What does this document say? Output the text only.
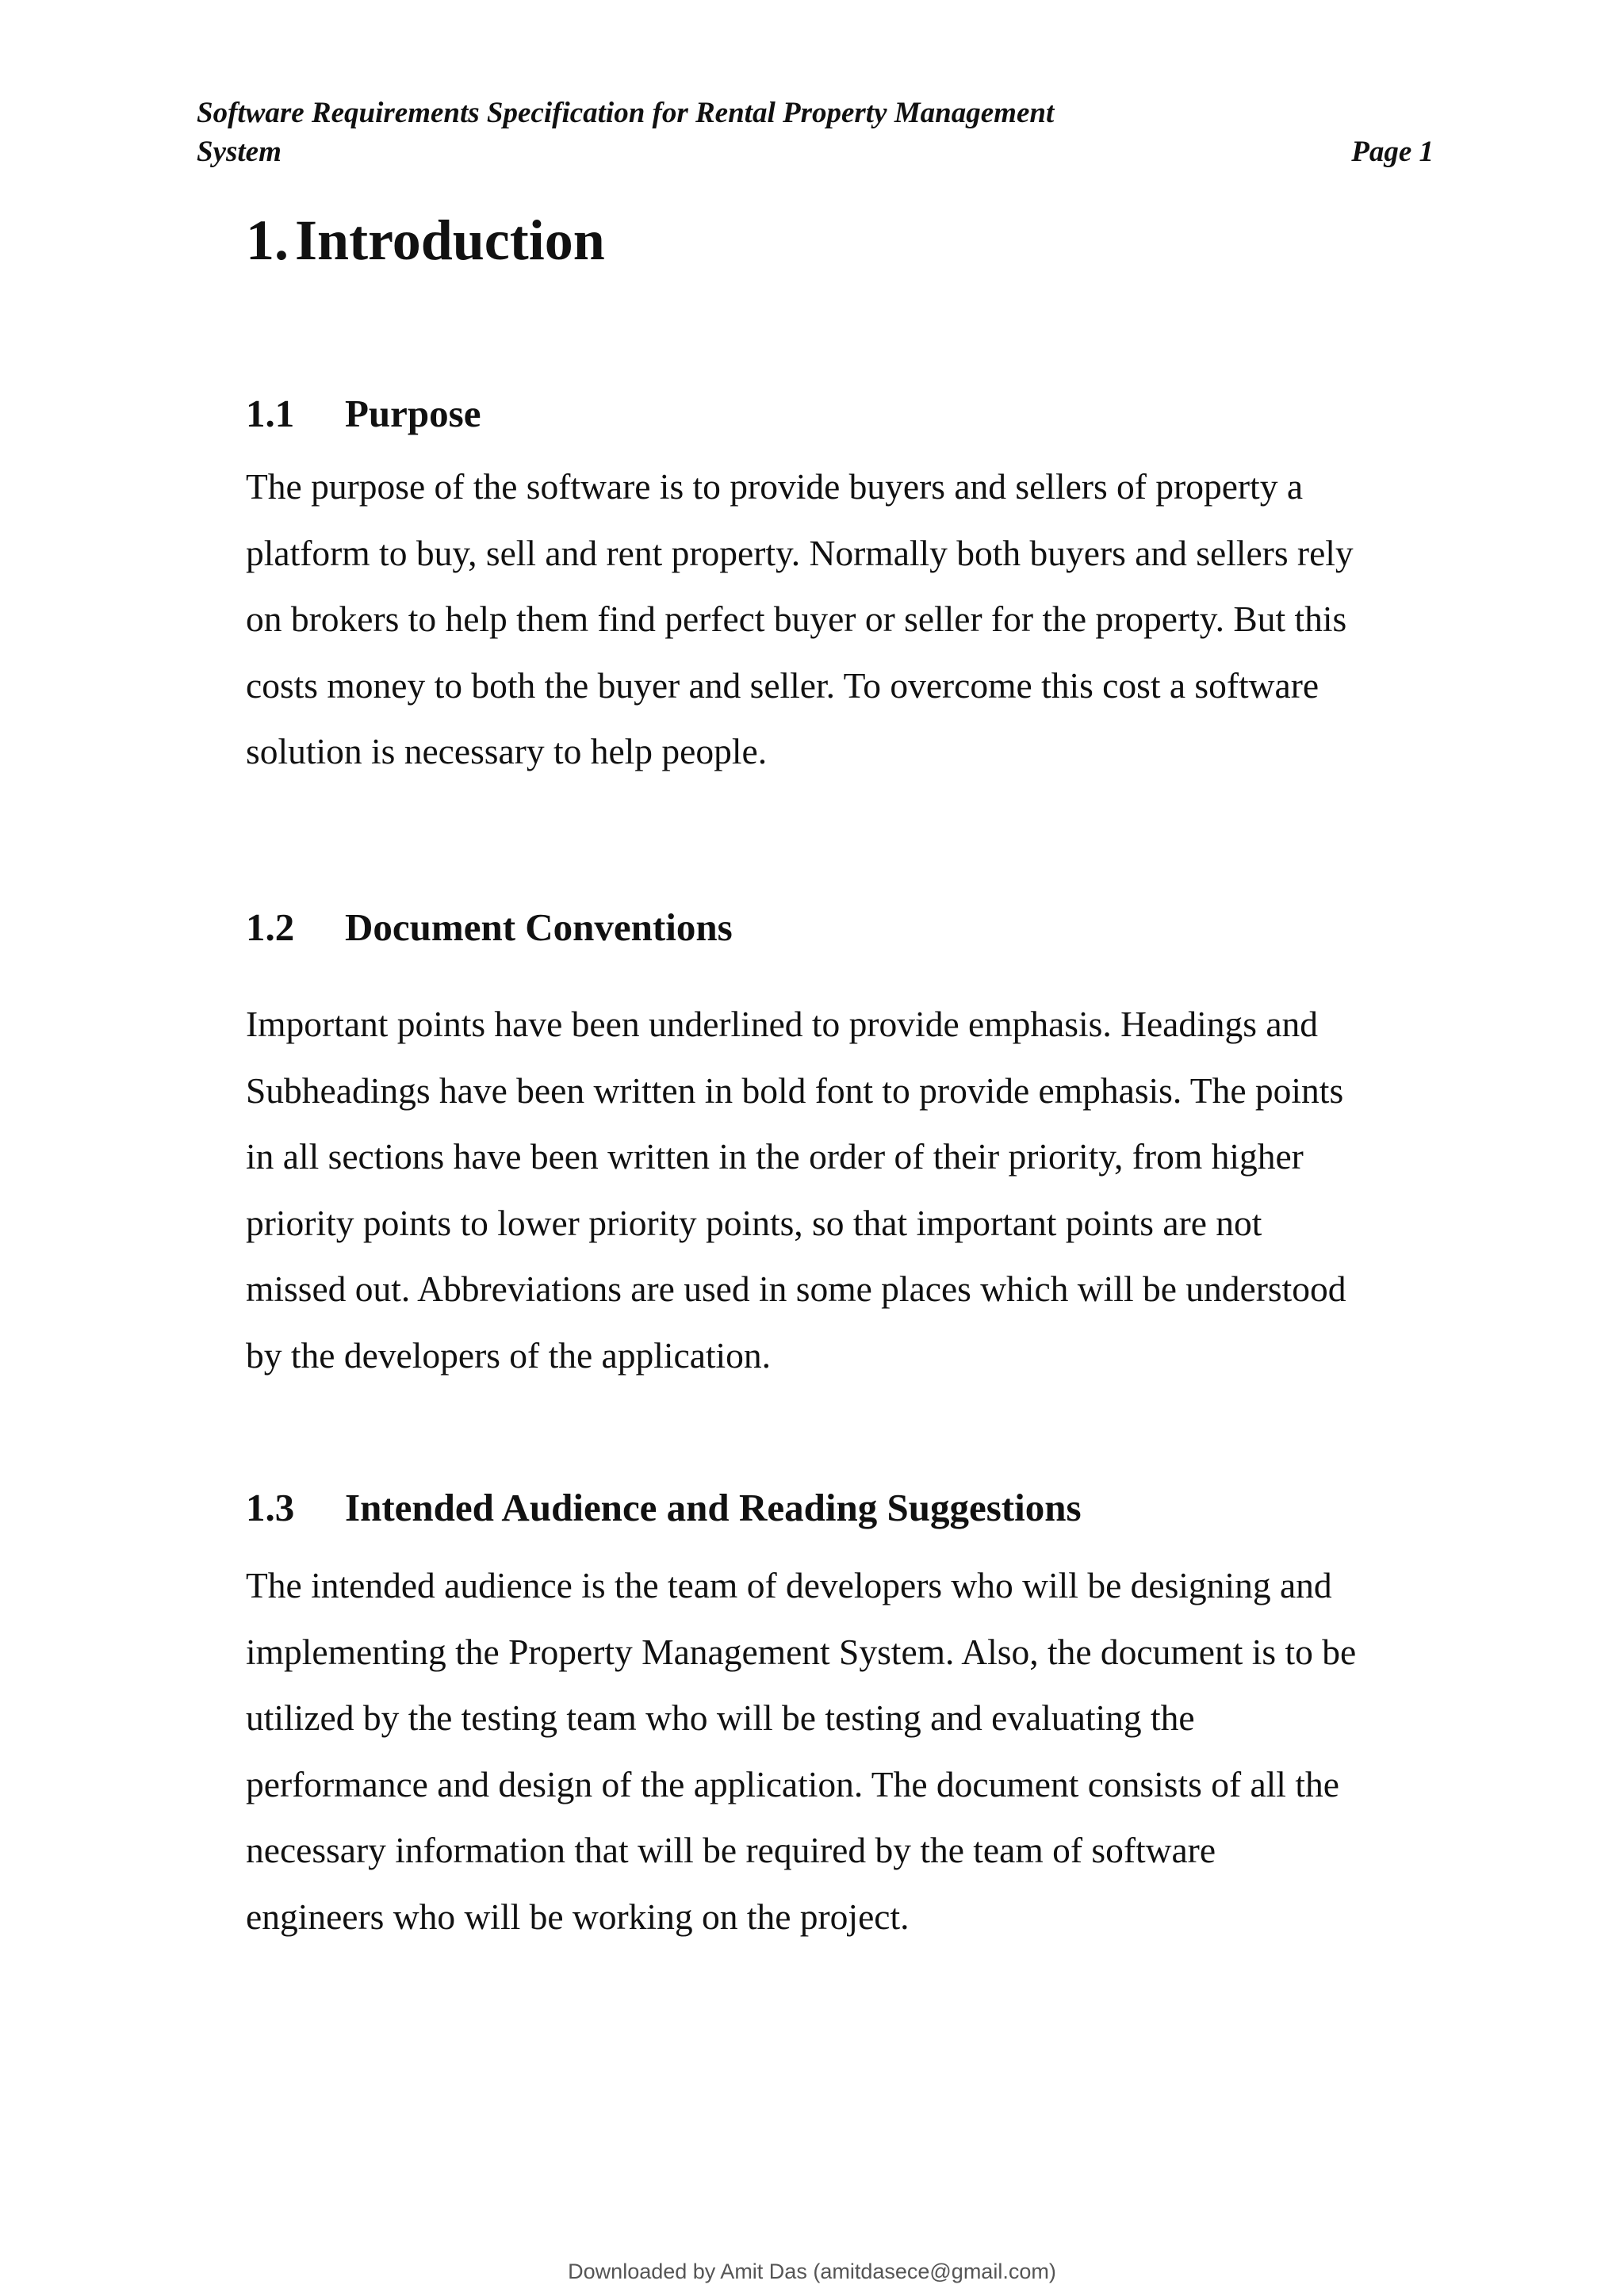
Software Requirements Specification for Rental Property Management
System	Page 1
1. Introduction
1.1 Purpose

The purpose of the software is to provide buyers and sellers of property a
platform to buy, sell and rent property. Normally both buyers and sellers rely
on brokers to help them find perfect buyer or seller for the property. But this
costs money to both the buyer and seller. To overcome this cost a software
solution is necessary to help people.

1.2 Document Conventions

Important points have been underlined to provide emphasis. Headings and
Subheadings have been written in bold font to provide emphasis. The points
in all sections have been written in the order of their priority, from higher
priority points to lower priority points, so that important points are not
missed out. Abbreviations are used in some places which will be understood
by the developers of the application.

1.3 Intended Audience and Reading Suggestions

The intended audience is the team of developers who will be designing and
implementing the Property Management System. Also, the document is to be
utilized by the testing team who will be testing and evaluating the
performance and design of the application. The document consists of all the
necessary information that will be required by the team of software
engineers who will be working on the project.

Downloaded by Amit Das (amitdasece@gmail.com)
